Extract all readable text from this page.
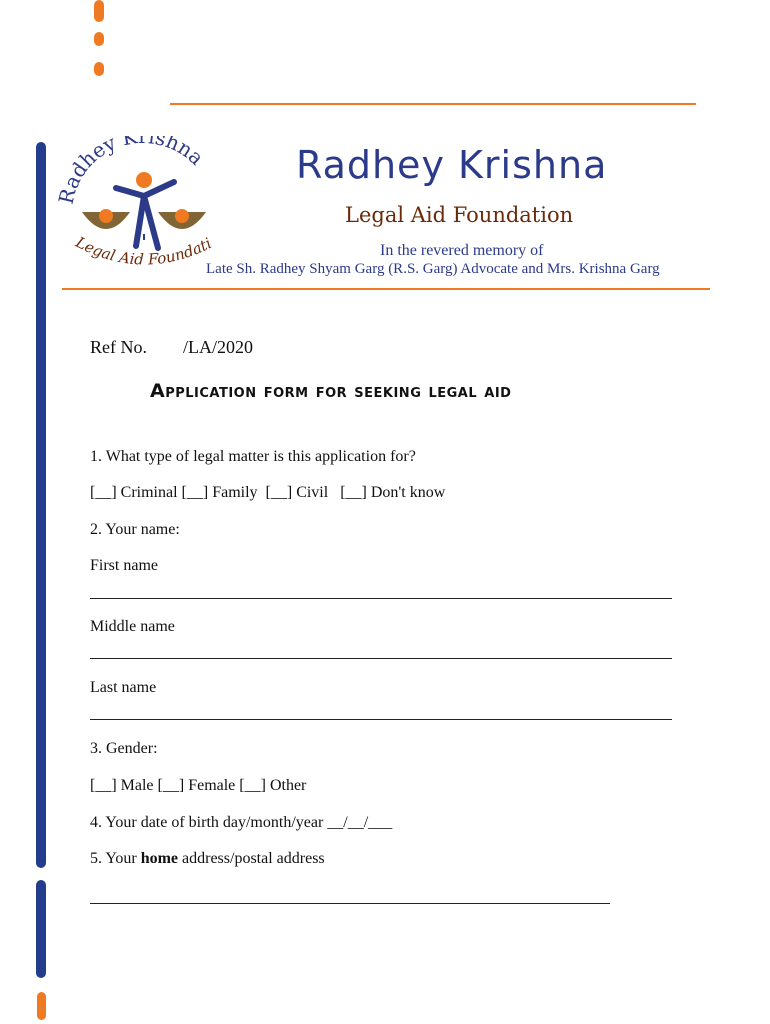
Radhey Krishna
Legal Aid Foundati
Radhey Krishna
Legal Aid Foundation
In the revered memory of
Late Sh. Radhey Shyam Garg (R.S. Garg) Advocate and Mrs. Krishna Garg
Ref No. /LA/2020
Application form for seeking legal aid
1. What type of legal matter is this application for?
[__] Criminal [__] Family  [__] Civil   [__] Don't know
2. Your name:
First name
Middle name
Last name
3. Gender:
[__] Male [__] Female [__] Other
4. Your date of birth day/month/year __/__/___
5. Your home address/postal address
